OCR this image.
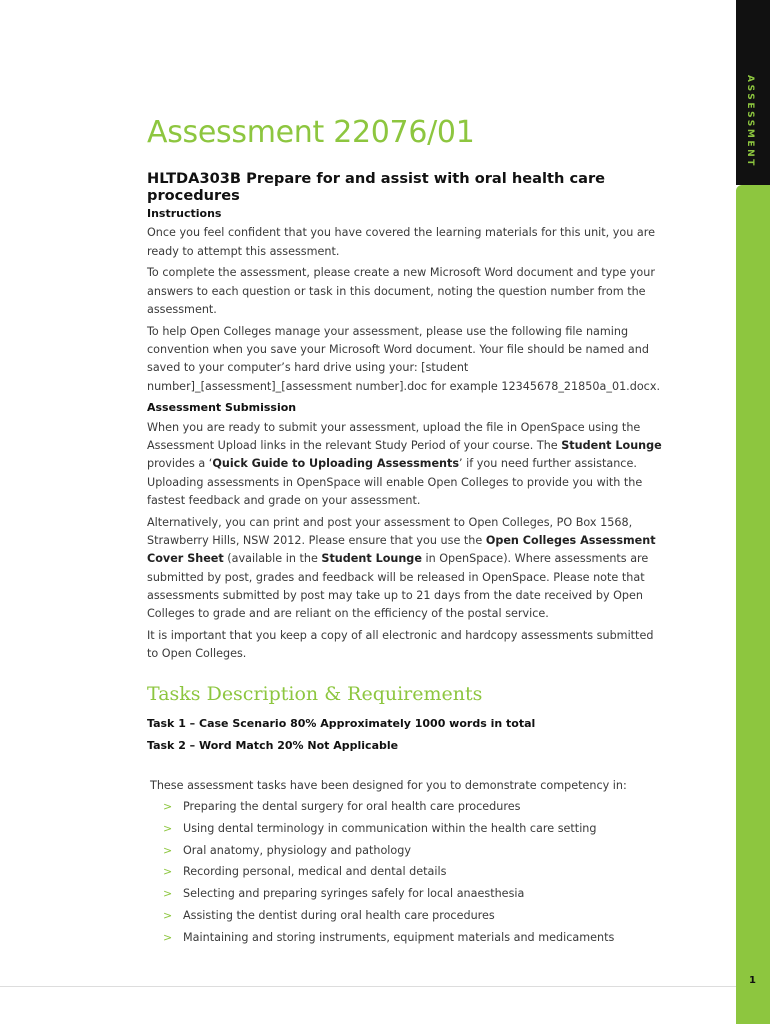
ASSESSMENT
Assessment 22076/01
HLTDA303B Prepare for and assist with oral health care procedures

Instructions

Once you feel confident that you have covered the learning materials for this unit, you are ready to attempt this assessment.

To complete the assessment, please create a new Microsoft Word document and type your answers to each question or task in this document, noting the question number from the assessment.

To help Open Colleges manage your assessment, please use the following file naming convention when you save your Microsoft Word document. Your file should be named and saved to your computer’s hard drive using your: [student number]_[assessment]_[assessment number].doc for example 12345678_21850a_01.docx.

Assessment Submission

When you are ready to submit your assessment, upload the file in OpenSpace using the Assessment Upload links in the relevant Study Period of your course. The Student Lounge provides a ‘Quick Guide to Uploading Assessments’ if you need further assistance. Uploading assessments in OpenSpace will enable Open Colleges to provide you with the fastest feedback and grade on your assessment.

Alternatively, you can print and post your assessment to Open Colleges, PO Box 1568, Strawberry Hills, NSW 2012. Please ensure that you use the Open Colleges Assessment Cover Sheet (available in the Student Lounge in OpenSpace). Where assessments are submitted by post, grades and feedback will be released in OpenSpace. Please note that assessments submitted by post may take up to 21 days from the date received by Open Colleges to grade and are reliant on the efficiency of the postal service.

It is important that you keep a copy of all electronic and hardcopy assessments submitted to Open Colleges.

Tasks Description & Requirements
Task 1 – Case Scenario 80% Approximately 1000 words in total
Task 2 – Word Match 20% Not Applicable
These assessment tasks have been designed for you to demonstrate competency in:
> Preparing the dental surgery for oral health care procedures
> Using dental terminology in communication within the health care setting
> Oral anatomy, physiology and pathology
> Recording personal, medical and dental details
> Selecting and preparing syringes safely for local anaesthesia
> Assisting the dentist during oral health care procedures
> Maintaining and storing instruments, equipment materials and medicaments
1
